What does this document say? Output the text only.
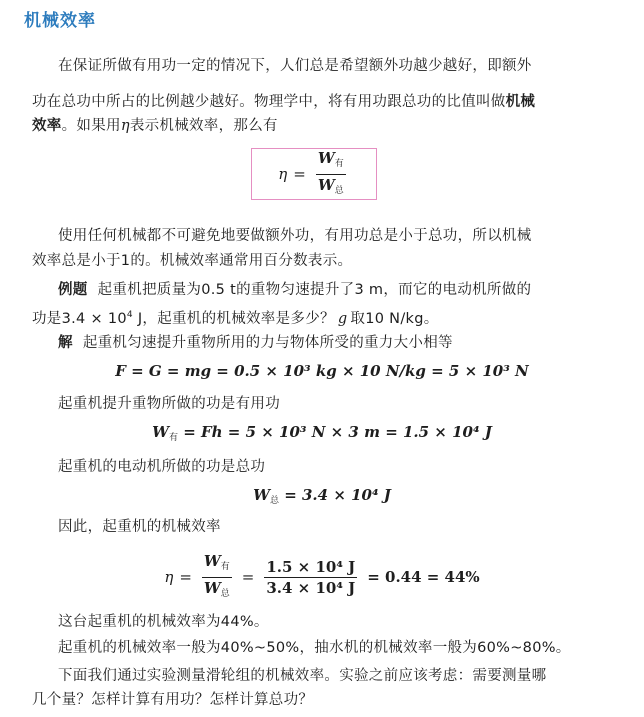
机械效率
在保证所做有用功一定的情况下，人们总是希望额外功越少越好，即额外
功在总功中所占的比例越少越好。物理学中，将有用功跟总功的比值叫做机械
效率。如果用η表示机械效率，那么有
$\eta = \frac{W_有}{W_总}$
使用任何机械都不可避免地要做额外功，有用功总是小于总功，所以机械
效率总是小于1的。机械效率通常用百分数表示。
例题 起重机把质量为0.5 t的重物匀速提升了3 m，而它的电动机所做的
功是$3.4 \times 10^4$ J，起重机的机械效率是多少？ g 取10 N/kg。
解 起重机匀速提升重物所用的力与物体所受的重力大小相等
F = G = mg = 0.5 × 10³ kg × 10 N/kg = 5 × 10³ N
起重机提升重物所做的功是有用功
$W_有 = Fh = 5 \times 10^3$ N × 3 m = 1.5 × 10⁴ J
起重机的电动机所做的功是总功
$W_总 = 3.4 \times 10^4$ J
因此，起重机的机械效率
$\eta = \frac{W_有}{W_总} = \frac{\text{1.5 × 10⁴ J}}{\text{3.4 × 10⁴ J}} = 0.44 = 44\%$
这台起重机的机械效率为44%。
起重机的机械效率一般为40%~50%，抽水机的机械效率一般为60%~80%。
下面我们通过实验测量滑轮组的机械效率。实验之前应该考虑：需要测量哪
几个量？怎样计算有用功？怎样计算总功？
